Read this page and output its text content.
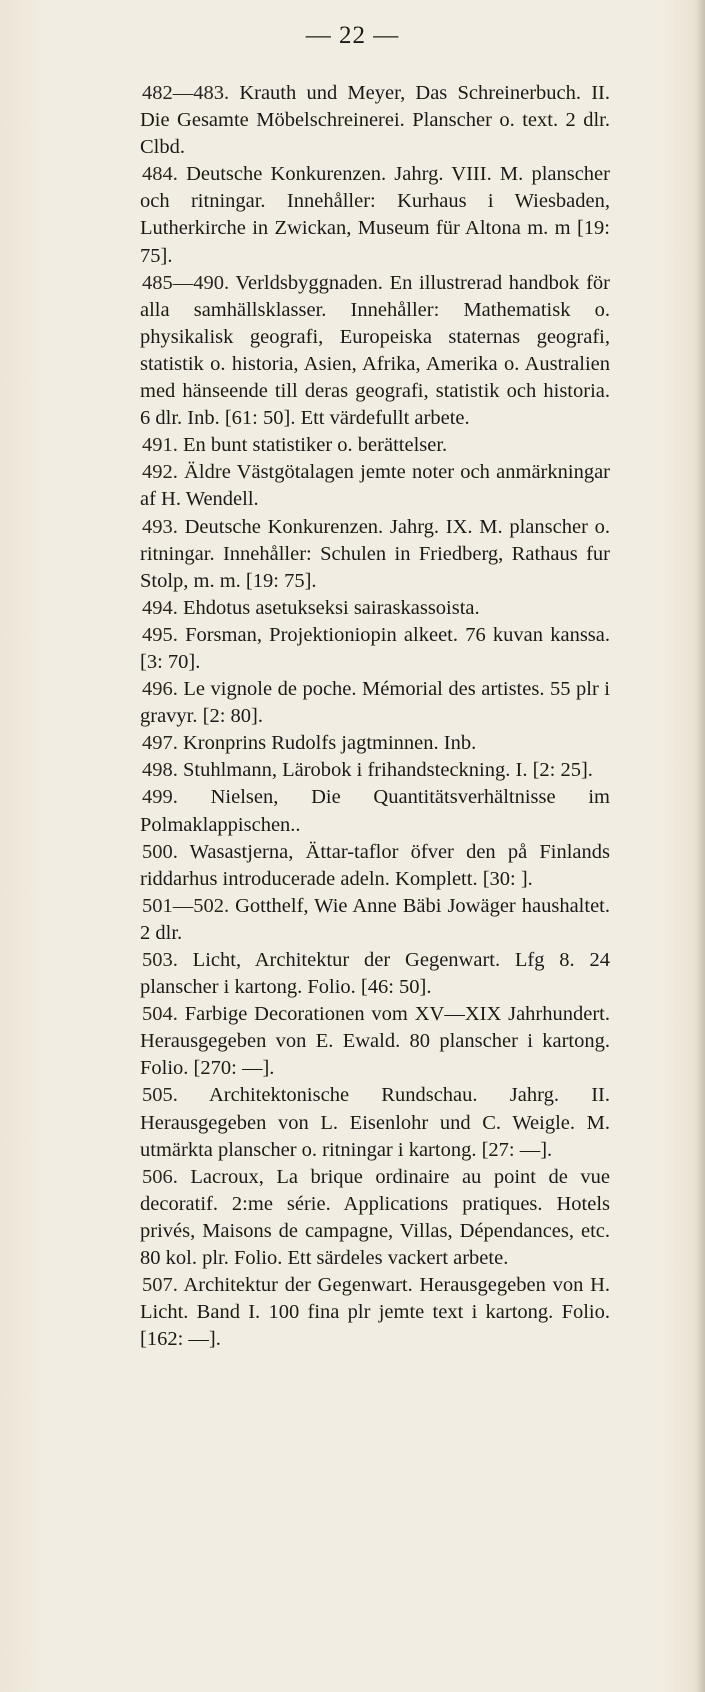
— 22 —

482—483. Krauth und Meyer, Das Schreinerbuch. II. Die Gesamte Möbelschreinerei. Planscher o. text. 2 dlr. Clbd.

484. Deutsche Konkurenzen. Jahrg. VIII. M. planscher och ritningar. Innehåller: Kurhaus i Wiesbaden, Lutherkirche in Zwickan, Museum für Altona m. m [19: 75].

485—490. Verldsbyggnaden. En illustrerad handbok för alla samhällsklasser. Innehåller: Mathematisk o. physikalisk geografi, Europeiska staternas geografi, statistik o. historia, Asien, Afrika, Amerika o. Australien med hänseende till deras geografi, statistik och historia. 6 dlr. Inb. [61: 50]. Ett värdefullt arbete.

491. En bunt statistiker o. berättelser.

492. Äldre Västgötalagen jemte noter och anmärkningar af H. Wendell.

493. Deutsche Konkurenzen. Jahrg. IX. M. planscher o. ritningar. Innehåller: Schulen in Friedberg, Rathaus fur Stolp, m. m. [19: 75].

494. Ehdotus asetukseksi sairaskassoista.

495. Forsman, Projektioniopin alkeet. 76 kuvan kanssa. [3: 70].

496. Le vignole de poche. Mémorial des artistes. 55 plr i gravyr. [2: 80].

497. Kronprins Rudolfs jagtminnen. Inb.

498. Stuhlmann, Lärobok i frihandsteckning. I. [2: 25].

499. Nielsen, Die Quantitätsverhältnisse im Polmaklappischen..

500. Wasastjerna, Ättar-taflor öfver den på Finlands riddarhus introducerade adeln. Komplett. [30: ].

501—502. Gotthelf, Wie Anne Bäbi Jowäger haushaltet. 2 dlr.

503. Licht, Architektur der Gegenwart. Lfg 8. 24 planscher i kartong. Folio. [46: 50].

504. Farbige Decorationen vom XV—XIX Jahrhundert. Herausgegeben von E. Ewald. 80 planscher i kartong. Folio. [270: —].

505. Architektonische Rundschau. Jahrg. II. Herausgegeben von L. Eisenlohr und C. Weigle. M. utmärkta planscher o. ritningar i kartong. [27: —].

506. Lacroux, La brique ordinaire au point de vue decoratif. 2:me série. Applications pratiques. Hotels privés, Maisons de campagne, Villas, Dépendances, etc. 80 kol. plr. Folio. Ett särdeles vackert arbete.

507. Architektur der Gegenwart. Herausgegeben von H. Licht. Band I. 100 fina plr jemte text i kartong. Folio. [162: —].
